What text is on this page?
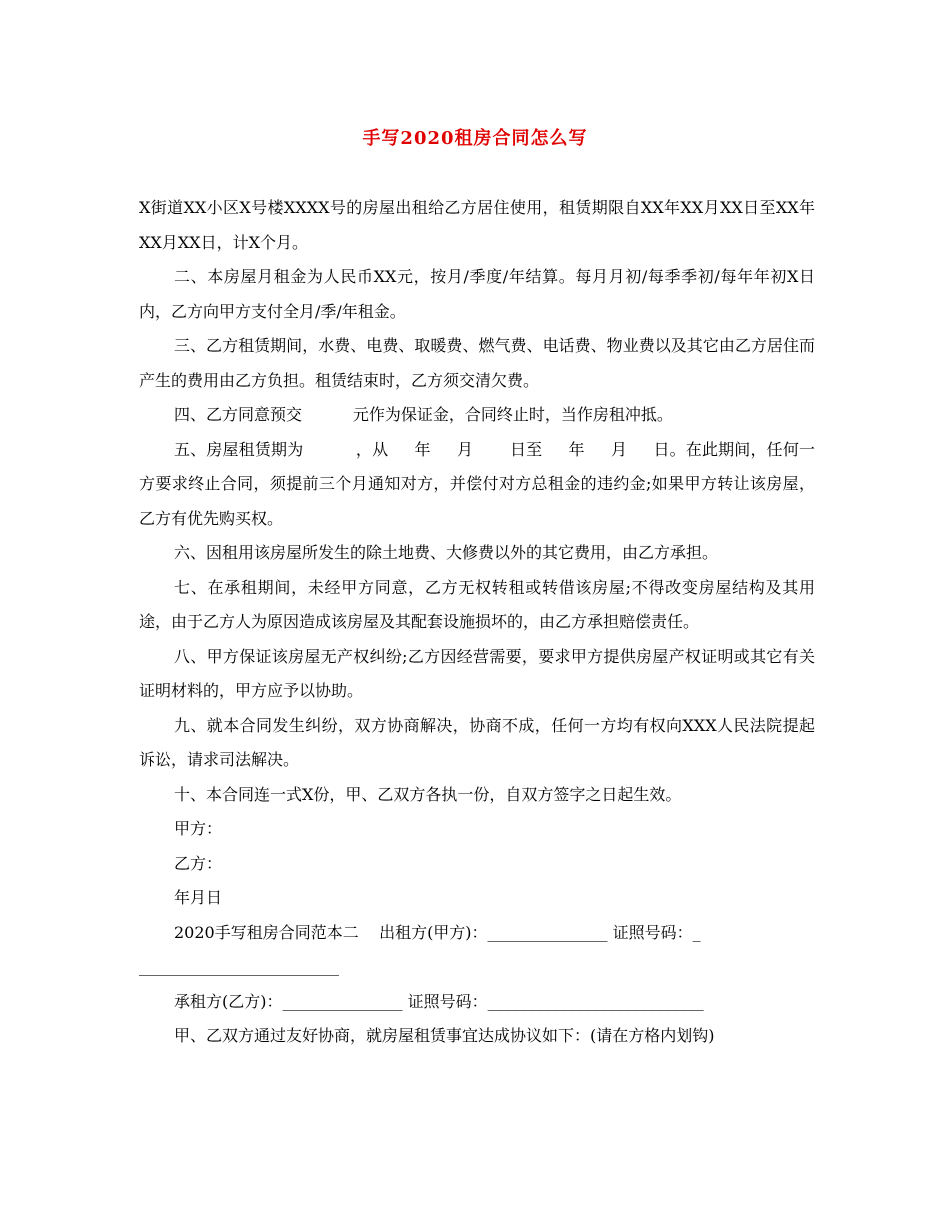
手写2020租房合同怎么写

X街道XX小区X号楼XXXX号的房屋出租给乙方居住使用，租赁期限自XX年XX月XX日至XX年XX月XX日，计X个月。

二、本房屋月租金为人民币XX元，按月/季度/年结算。每月月初/每季季初/每年年初X日内，乙方向甲方支付全月/季/年租金。

三、乙方租赁期间，水费、电费、取暖费、燃气费、电话费、物业费以及其它由乙方居住而产生的费用由乙方负担。租赁结束时，乙方须交清欠费。

四、乙方同意预交          元作为保证金，合同终止时，当作房租冲抵。

五、房屋租赁期为          ，从     年     月       日至     年     月     日。在此期间，任何一方要求终止合同，须提前三个月通知对方，并偿付对方总租金的违约金;如果甲方转让该房屋，乙方有优先购买权。

六、因租用该房屋所发生的除土地费、大修费以外的其它费用，由乙方承担。

七、在承租期间，未经甲方同意，乙方无权转租或转借该房屋;不得改变房屋结构及其用途，由于乙方人为原因造成该房屋及其配套设施损坏的，由乙方承担赔偿责任。

八、甲方保证该房屋无产权纠纷;乙方因经营需要，要求甲方提供房屋产权证明或其它有关证明材料的，甲方应予以协助。

九、就本合同发生纠纷，双方协商解决，协商不成，任何一方均有权向XXX人民法院提起诉讼，请求司法解决。

十、本合同连一式X份，甲、乙双方各执一份，自双方签字之日起生效。

甲方：

乙方：

年月日

2020手写租房合同范本二    出租方(甲方)：_______________ 证照号码：_

_________________________

承租方(乙方)：_______________ 证照号码：___________________________

甲、乙双方通过友好协商，就房屋租赁事宜达成协议如下：(请在方格内划钩)
